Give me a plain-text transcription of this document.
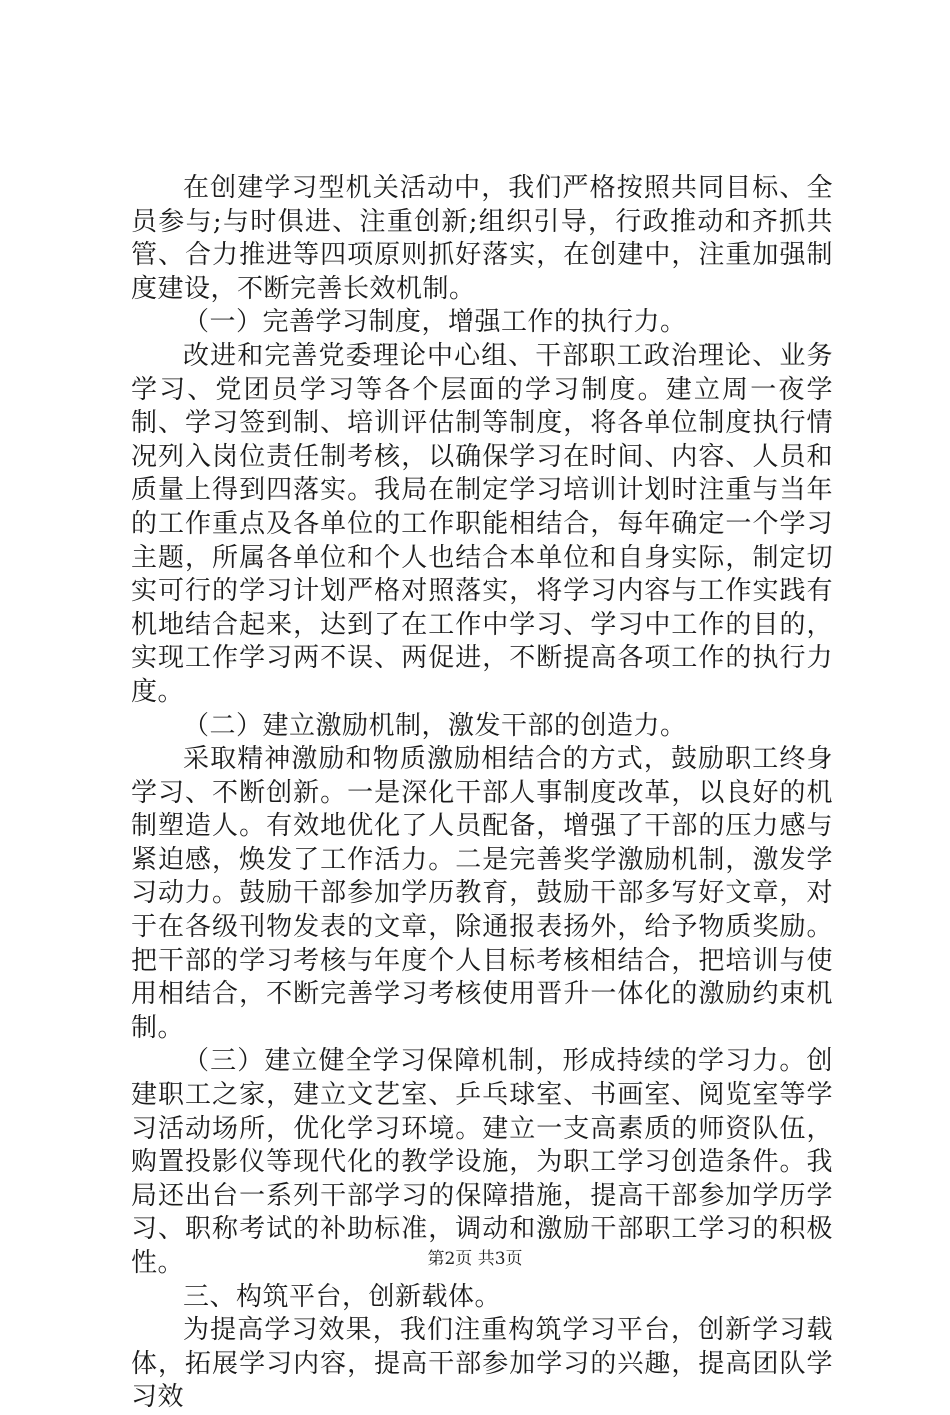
在创建学习型机关活动中，我们严格按照共同目标、全员参与;与时俱进、注重创新;组织引导，行政推动和齐抓共管、合力推进等四项原则抓好落实，在创建中，注重加强制度建设，不断完善长效机制。

（一）完善学习制度，增强工作的执行力。

改进和完善党委理论中心组、干部职工政治理论、业务学习、党团员学习等各个层面的学习制度。建立周一夜学制、学习签到制、培训评估制等制度，将各单位制度执行情况列入岗位责任制考核，以确保学习在时间、内容、人员和质量上得到四落实。我局在制定学习培训计划时注重与当年的工作重点及各单位的工作职能相结合，每年确定一个学习主题，所属各单位和个人也结合本单位和自身实际，制定切实可行的学习计划严格对照落实，将学习内容与工作实践有机地结合起来，达到了在工作中学习、学习中工作的目的，实现工作学习两不误、两促进，不断提高各项工作的执行力度。

（二）建立激励机制，激发干部的创造力。

采取精神激励和物质激励相结合的方式，鼓励职工终身学习、不断创新。一是深化干部人事制度改革，以良好的机制塑造人。有效地优化了人员配备，增强了干部的压力感与紧迫感，焕发了工作活力。二是完善奖学激励机制，激发学习动力。鼓励干部参加学历教育，鼓励干部多写好文章，对于在各级刊物发表的文章，除通报表扬外，给予物质奖励。把干部的学习考核与年度个人目标考核相结合，把培训与使用相结合，不断完善学习考核使用晋升一体化的激励约束机制。

（三）建立健全学习保障机制，形成持续的学习力。创建职工之家，建立文艺室、乒乓球室、书画室、阅览室等学习活动场所，优化学习环境。建立一支高素质的师资队伍，购置投影仪等现代化的教学设施，为职工学习创造条件。我局还出台一系列干部学习的保障措施，提高干部参加学历学习、职称考试的补助标准，调动和激励干部职工学习的积极性。

三、构筑平台，创新载体。

为提高学习效果，我们注重构筑学习平台，创新学习载体，拓展学习内容，提高干部参加学习的兴趣，提高团队学习效

第2页 共3页
